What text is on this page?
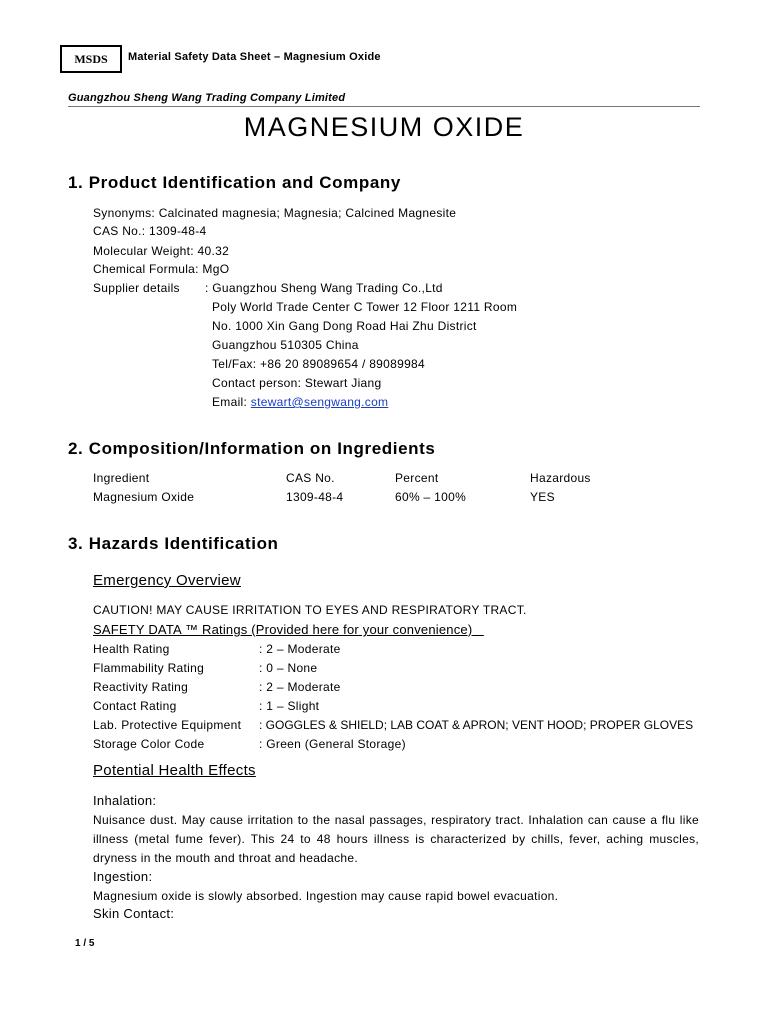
MSDS	Material Safety Data Sheet – Magnesium Oxide
Guangzhou Sheng Wang Trading Company Limited
MAGNESIUM OXIDE
1. Product Identification and Company
Synonyms: Calcinated magnesia; Magnesia; Calcined Magnesite
CAS No.: 1309-48-4
Molecular Weight: 40.32
Chemical Formula: MgO
Supplier details : Guangzhou Sheng Wang Trading Co.,Ltd
Poly World Trade Center C Tower 12 Floor 1211 Room
No. 1000 Xin Gang Dong Road Hai Zhu District
Guangzhou 510305 China
Tel/Fax: +86 20 89089654 / 89089984
Contact person: Stewart Jiang
Email: stewart@sengwang.com
2. Composition/Information on Ingredients
Ingredient	CAS No.	Percent	Hazardous
Magnesium Oxide	1309-48-4	60% – 100%	YES
3. Hazards Identification
Emergency Overview
CAUTION! MAY CAUSE IRRITATION TO EYES AND RESPIRATORY TRACT.
SAFETY DATA ™ Ratings (Provided here for your convenience)
Health Rating	: 2 – Moderate
Flammability Rating	: 0 – None
Reactivity Rating	: 2 – Moderate
Contact Rating	: 1 – Slight
Lab. Protective Equipment : GOGGLES & SHIELD; LAB COAT & APRON; VENT HOOD; PROPER GLOVES
Storage Color Code	: Green (General Storage)
Potential Health Effects
Inhalation:
Nuisance dust. May cause irritation to the nasal passages, respiratory tract. Inhalation can cause a flu like illness (metal fume fever). This 24 to 48 hours illness is characterized by chills, fever, aching muscles, dryness in the mouth and throat and headache.
Ingestion:
Magnesium oxide is slowly absorbed. Ingestion may cause rapid bowel evacuation.
Skin Contact:
1 / 5
